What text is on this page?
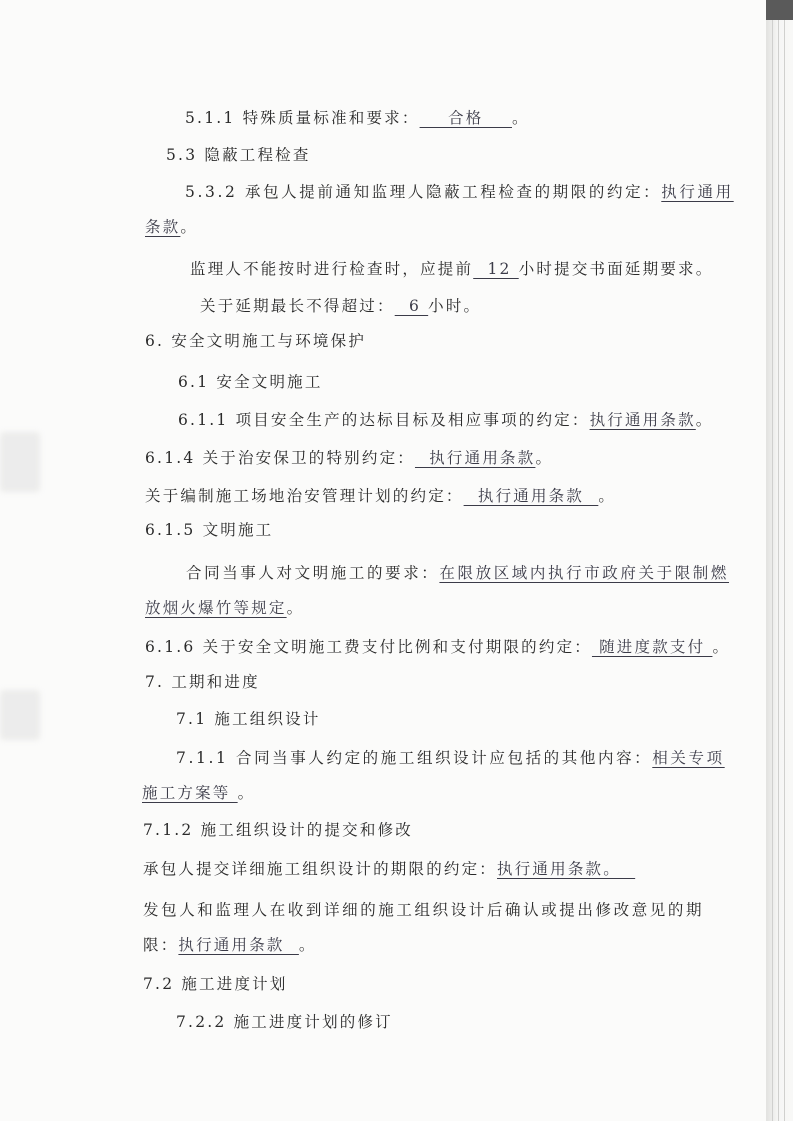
5.1.1 特殊质量标准和要求：    合格    。
5.3 隐蔽工程检查
5.3.2 承包人提前通知监理人隐蔽工程检查的期限的约定：执行通用
条款。
监理人不能按时进行检查时，应提前  12 小时提交书面延期要求。
关于延期最长不得超过：  6 小时。
6. 安全文明施工与环境保护
6.1 安全文明施工
6.1.1 项目安全生产的达标目标及相应事项的约定：执行通用条款。
6.1.4 关于治安保卫的特别约定：  执行通用条款。
关于编制施工场地治安管理计划的约定：  执行通用条款  。
6.1.5 文明施工
合同当事人对文明施工的要求：在限放区域内执行市政府关于限制燃
放烟火爆竹等规定。
6.1.6 关于安全文明施工费支付比例和支付期限的约定： 随进度款支付 。
7. 工期和进度
7.1 施工组织设计
7.1.1 合同当事人约定的施工组织设计应包括的其他内容：相关专项
施工方案等 。
7.1.2 施工组织设计的提交和修改
承包人提交详细施工组织设计的期限的约定：执行通用条款。
发包人和监理人在收到详细的施工组织设计后确认或提出修改意见的期
限：执行通用条款  。
7.2 施工进度计划
7.2.2 施工进度计划的修订
